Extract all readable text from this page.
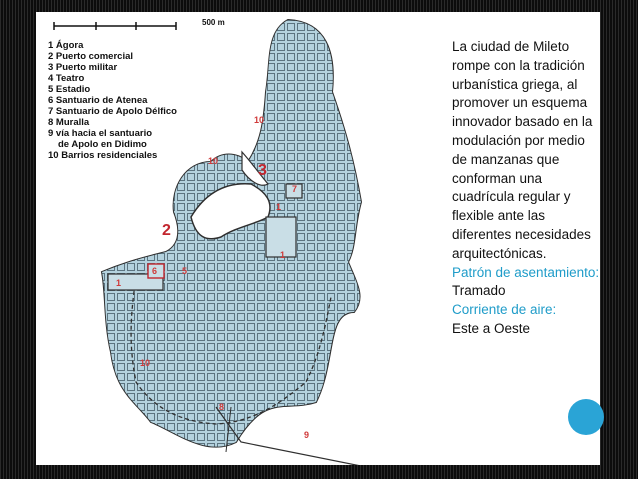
500 m
1 Ágora
2 Puerto comercial
3 Puerto militar
4 Teatro
5 Estadio
6 Santuario de Atenea
7 Santuario de Apolo Délfico
8 Muralla
9 vía hacia el santuario
de Apolo en Didimo
10 Barrios residenciales
10
10
3
7
1
2
1
6	5
1
10
8
9
La ciudad de Mileto rompe con la tradición urbanística griega, al promover un esquema innovador basado en la modulación por medio de manzanas que conforman una cuadrícula regular y flexible ante las diferentes necesidades arquitectónicas.
Patrón de asentamiento:
Tramado
Corriente de aire:
Este a Oeste
